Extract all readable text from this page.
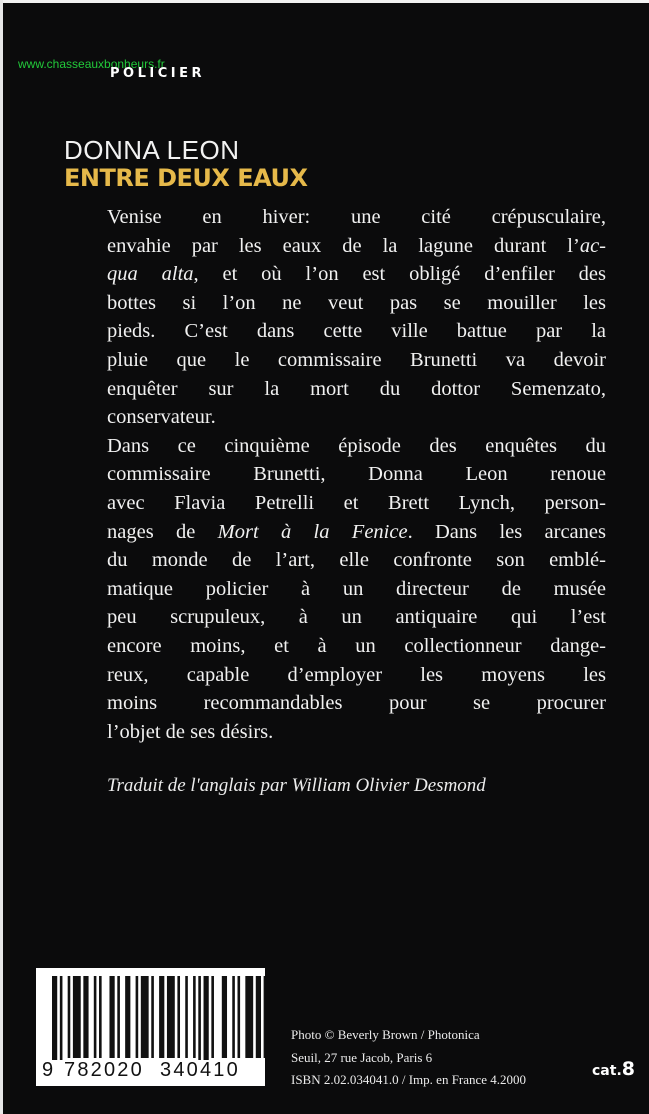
www.chasseauxbonheurs.fr
POLICIER
DONNA LEON
ENTRE DEUX EAUX
Venise en hiver: une cité crépusculaire,
envahie par les eaux de la lagune durant l’ac-
qua alta, et où l’on est obligé d’enfiler des
bottes si l’on ne veut pas se mouiller les
pieds. C’est dans cette ville battue par la
pluie que le commissaire Brunetti va devoir
enquêter sur la mort du dottor Semenzato,
conservateur.
Dans ce cinquième épisode des enquêtes du
commissaire Brunetti, Donna Leon renoue
avec Flavia Petrelli et Brett Lynch, person-
nages de Mort à la Fenice. Dans les arcanes
du monde de l’art, elle confronte son emblé-
matique policier à un directeur de musée
peu scrupuleux, à un antiquaire qui l’est
encore moins, et à un collectionneur dange-
reux, capable d’employer les moyens les
moins recommandables pour se procurer
l’objet de ses désirs.
Traduit de l'anglais par William Olivier Desmond
9 782020 340410
Photo © Beverly Brown / Photonica
Seuil, 27 rue Jacob, Paris 6
ISBN 2.02.034041.0 / Imp. en France 4.2000
cat.8
